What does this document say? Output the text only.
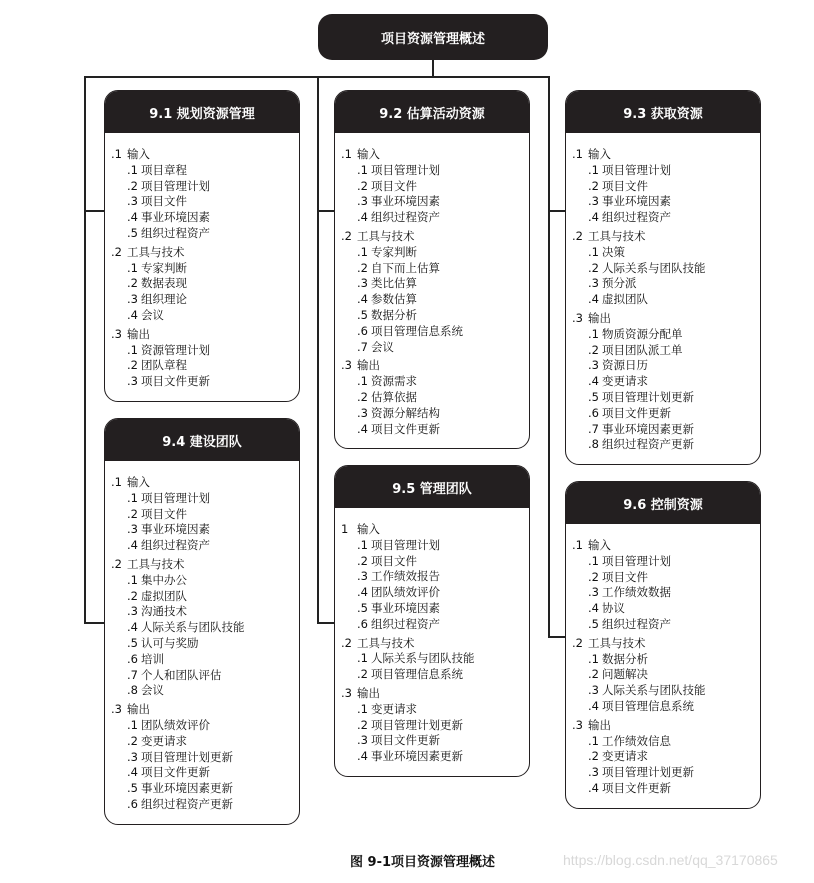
项目资源管理概述
9.1 规划资源管理
.1 输入
.1 项目章程
.2 项目管理计划
.3 项目文件
.4 事业环境因素
.5 组织过程资产
.2 工具与技术
.1 专家判断
.2 数据表现
.3 组织理论
.4 会议
.3 输出
.1 资源管理计划
.2 团队章程
.3 项目文件更新
9.2 估算活动资源
.1 输入
.1 项目管理计划
.2 项目文件
.3 事业环境因素
.4 组织过程资产
.2 工具与技术
.1 专家判断
.2 自下而上估算
.3 类比估算
.4 参数估算
.5 数据分析
.6 项目管理信息系统
.7 会议
.3 输出
.1 资源需求
.2 估算依据
.3 资源分解结构
.4 项目文件更新
9.3 获取资源
.1 输入
.1 项目管理计划
.2 项目文件
.3 事业环境因素
.4 组织过程资产
.2 工具与技术
.1 决策
.2 人际关系与团队技能
.3 预分派
.4 虚拟团队
.3 输出
.1 物质资源分配单
.2 项目团队派工单
.3 资源日历
.4 变更请求
.5 项目管理计划更新
.6 项目文件更新
.7 事业环境因素更新
.8 组织过程资产更新
9.4 建设团队
.1 输入
.1 项目管理计划
.2 项目文件
.3 事业环境因素
.4 组织过程资产
.2 工具与技术
.1 集中办公
.2 虚拟团队
.3 沟通技术
.4 人际关系与团队技能
.5 认可与奖励
.6 培训
.7 个人和团队评估
.8 会议
.3 输出
.1 团队绩效评价
.2 变更请求
.3 项目管理计划更新
.4 项目文件更新
.5 事业环境因素更新
.6 组织过程资产更新
9.5 管理团队
1 输入
.1 项目管理计划
.2 项目文件
.3 工作绩效报告
.4 团队绩效评价
.5 事业环境因素
.6 组织过程资产
.2 工具与技术
.1 人际关系与团队技能
.2 项目管理信息系统
.3 输出
.1 变更请求
.2 项目管理计划更新
.3 项目文件更新
.4 事业环境因素更新
9.6 控制资源
.1 输入
.1 项目管理计划
.2 项目文件
.3 工作绩效数据
.4 协议
.5 组织过程资产
.2 工具与技术
.1 数据分析
.2 问题解决
.3 人际关系与团队技能
.4 项目管理信息系统
.3 输出
.1 工作绩效信息
.2 变更请求
.3 项目管理计划更新
.4 项目文件更新
图 9-1项目资源管理概述	https://blog.csdn.net/qq_37170865
